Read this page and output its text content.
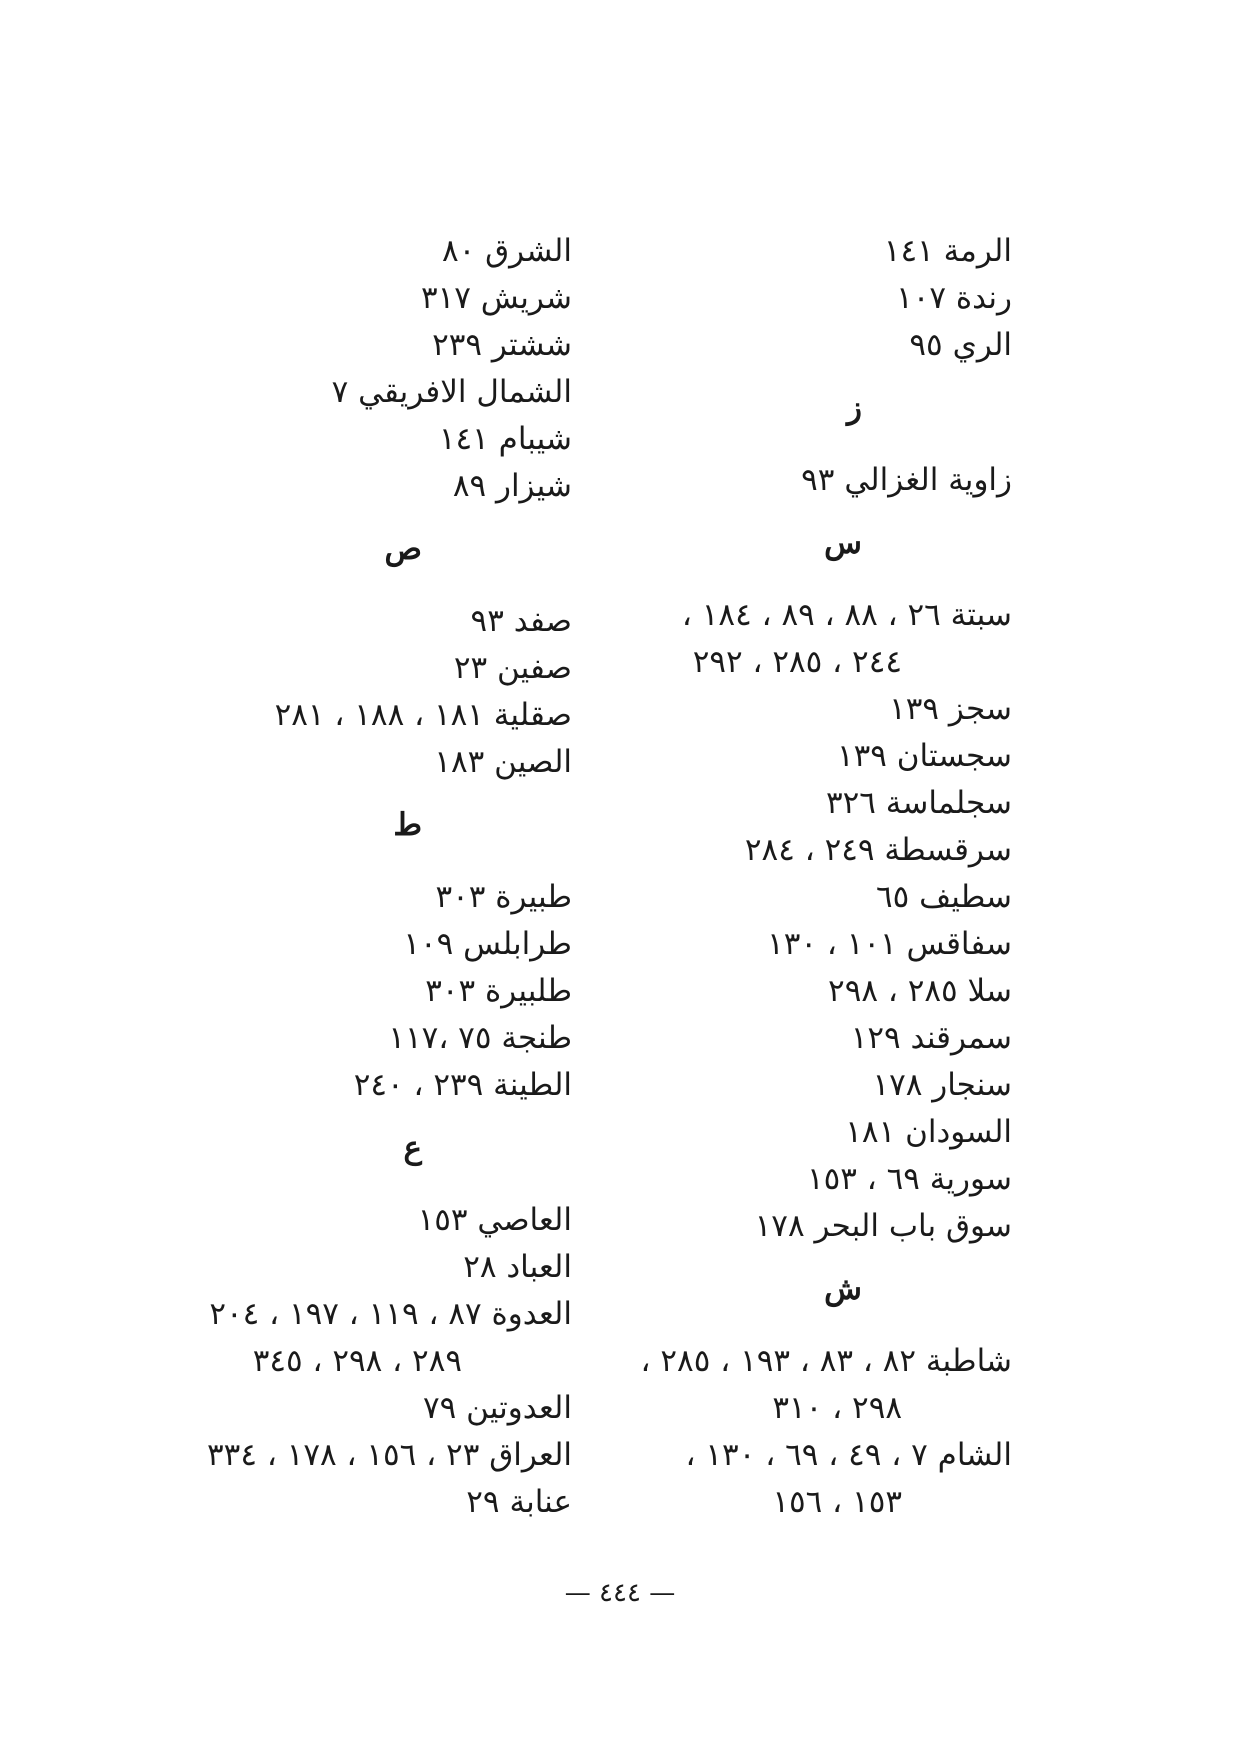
الرمة ١٤١
رندة ١٠٧
الري ٩٥
ز
زاوية الغزالي ٩٣
س
سبتة ٢٦ ، ٨٨ ، ٨٩ ، ١٨٤ ،
٢٤٤ ، ٢٨٥ ، ٢٩٢
سجز ١٣٩
سجستان ١٣٩
سجلماسة ٣٢٦
سرقسطة ٢٤٩ ، ٢٨٤
سطيف ٦٥
سفاقس ١٠١ ، ١٣٠
سلا ٢٨٥ ، ٢٩٨
سمرقند ١٢٩
سنجار ١٧٨
السودان ١٨١
سورية ٦٩ ، ١٥٣
سوق باب البحر ١٧٨
ش
شاطبة ٨٢ ، ٨٣ ، ١٩٣ ، ٢٨٥ ،
٢٩٨ ، ٣١٠
الشام ٧ ، ٤٩ ، ٦٩ ، ١٣٠ ،
١٥٣ ، ١٥٦
الشرق ٨٠
شريش ٣١٧
ششتر ٢٣٩
الشمال الافريقي ٧
شيبام ١٤١
شيزار ٨٩
ص
صفد ٩٣
صفين ٢٣
صقلية ١٨١ ، ١٨٨ ، ٢٨١
الصين ١٨٣
ط
طبيرة ٣٠٣
طرابلس ١٠٩
طلبيرة ٣٠٣
طنجة ٧٥ ،١١٧
الطينة ٢٣٩ ، ٢٤٠
ع
العاصي ١٥٣
العباد ٢٨
العدوة ٨٧ ، ١١٩ ، ١٩٧ ، ٢٠٤
٢٨٩ ، ٢٩٨ ، ٣٤٥
العدوتين ٧٩
العراق ٢٣ ، ١٥٦ ، ١٧٨ ، ٣٣٤
عنابة ٢٩
— ٤٤٤ —
